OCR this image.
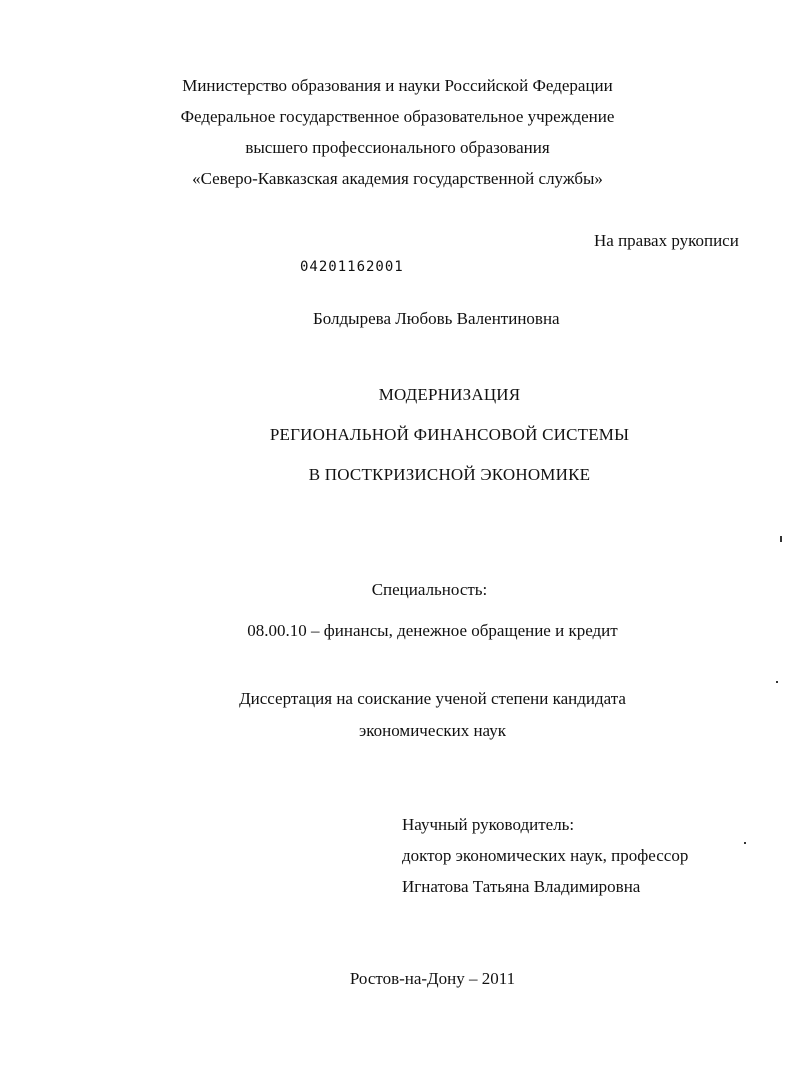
Министерство образования и науки Российской Федерации
Федеральное государственное образовательное учреждение
высшего профессионального образования
«Северо-Кавказская академия государственной службы»
На правах рукописи
04201162001
Болдырева Любовь Валентиновна
МОДЕРНИЗАЦИЯ
РЕГИОНАЛЬНОЙ ФИНАНСОВОЙ СИСТЕМЫ
В ПОСТКРИЗИСНОЙ ЭКОНОМИКЕ
Специальность:
08.00.10 – финансы, денежное обращение и кредит
Диссертация на соискание ученой степени кандидата
экономических наук
Научный руководитель:
доктор экономических наук, профессор
Игнатова Татьяна Владимировна
Ростов-на-Дону – 2011
